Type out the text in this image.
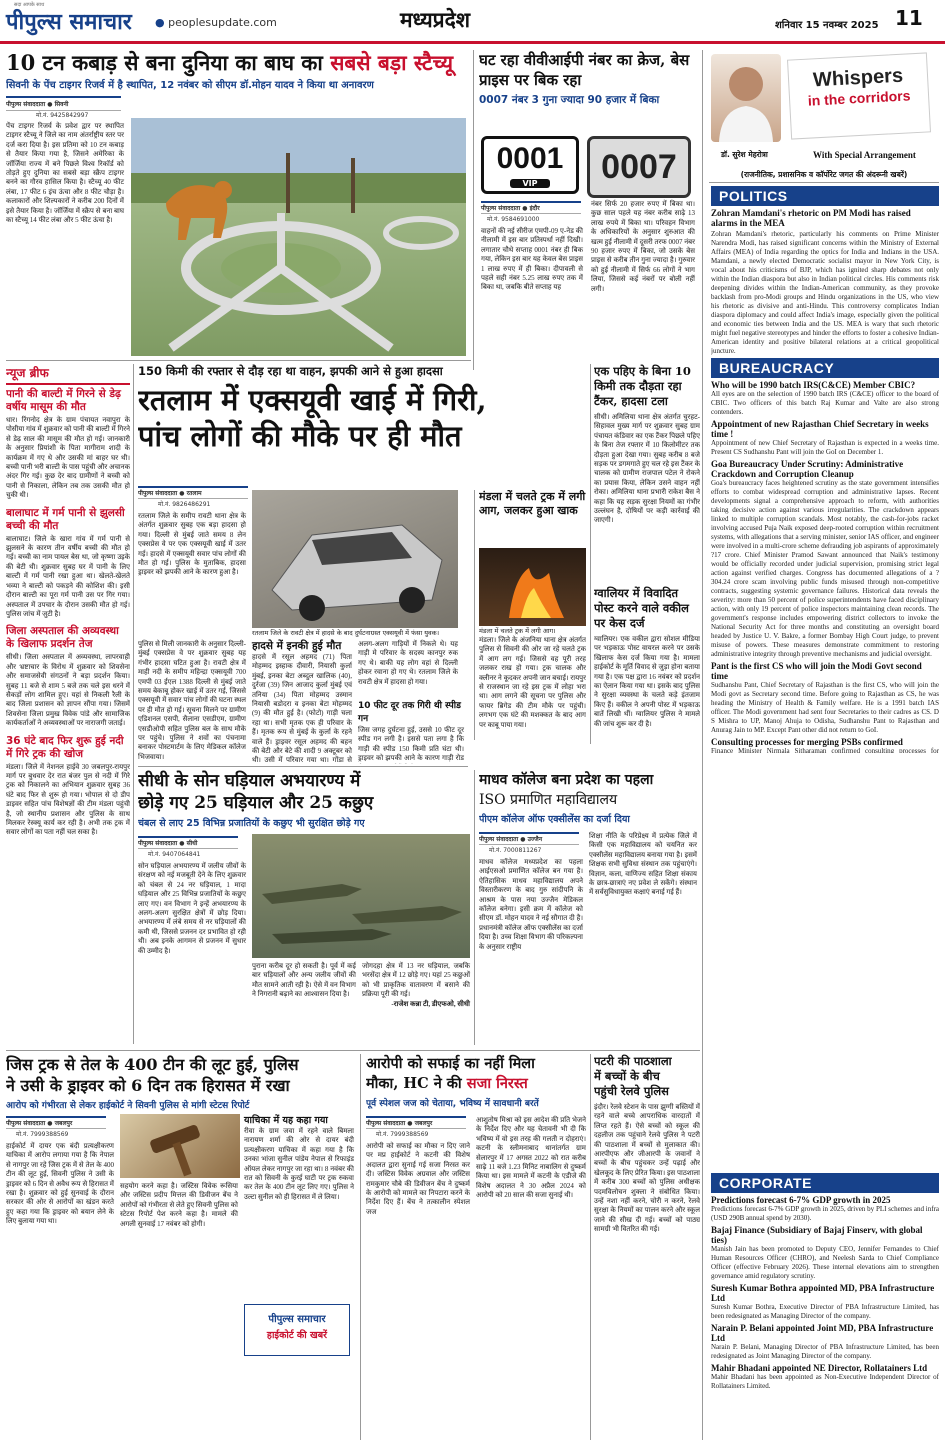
पीपुल्स समाचार
सदा आपके साथ
● peoplesupdate.com	मध्यप्रदेश	शनिवार 15 नवम्बर 2025 11
10 टन कबाड़ से बना दुनिया का बाघ का सबसे बड़ा स्टैच्यू
सिवनी के पेंच टाइगर रिजर्व में है स्थापित, 12 नवंबर को सीएम डॉ.मोहन यादव ने किया था अनावरण
पीपुल्स संवाददाता ● सिवनी
मो.नं. 9425842997
पेंच टाइगर रिजर्व के प्रवेश द्वार पर स्थापित टाइगर स्टैच्यू ने जिले का नाम अंतर्राष्ट्रीय स्तर पर दर्ज करा दिया है। इस प्रतिमा को 10 टन कबाड़ से तैयार किया गया है, जिसने अमेरिका के जॉर्जिया राज्य में बने पिछले विश्व रिकॉर्ड को तोड़ते हुए दुनिया का सबसे बड़ा स्क्रैप टाइगर बनने का गौरव हासिल किया है। स्टैच्यू 40 फीट लंबा, 17 फीट 6 इंच ऊंचा और 8 फीट चौड़ा है। कलाकारों और शिल्पकारों ने करीब 200 दिनों में इसे तैयार किया है। जॉर्जिया में स्क्रैप से बना बाघ का स्टैच्यू 14 फीट लंबा और 5 फीट ऊंचा है।
घट रहा वीवीआईपी नंबर का क्रेज, बेस प्राइस पर बिक रहा
0007 नंबर 3 गुना ज्यादा 90 हजार में बिका
0001
VIP	0007
पीपुल्स संवाददाता ● इंदौर
मो.नं. 9584691000
वाहनों की नई सीरीज एमपी-09 ए-नेड की नीलामी में इस बार प्रतिस्पर्धा नहीं दिखी। लगातार चौथे सप्ताह 0001 नंबर ही बिक गया, लेकिन इस बार यह केवल बेस प्राइस 1 लाख रुपए में ही बिका। दीपावली से पहले सही नंबर 5.25 लाख रुपए तक में बिका था, जबकि बीते सप्ताह यह
नंबर सिर्फ 20 हजार रुपए में बिका था। कुछ साल पहले यह नंबर करीब साढ़े 13 लाख रुपये में बिका था। परिवहन विभाग के अधिकारियों के अनुसार शुरुआत की खत्म हुई नीलामी में दूसरी तरफ 0007 नंबर 90 हजार रुपए में बिका, जो उसके बेस प्राइस से करीब तीन गुना ज्यादा है। गुरुवार को हुई नीलामी में सिर्फ 66 लोगों ने भाग लिया, जिससे कई नंबरों पर बोली नहीं लगी।
Whispers
in the corridors
डॉ. सुरेश मेहरोत्रा	With Special Arrangement
(राजनीतिक, प्रशासनिक व कॉर्पोरेट जगत की अंदरूनी खबरें)
POLITICS
Zohran Mamdani's rhetoric on PM Modi has raised alarms in the MEA
Zohran Mamdani's rhetoric, particularly his comments on Prime Minister Narendra Modi, has raised significant concerns within the Ministry of External Affairs (MEA) of India regarding the optics for India and Indians in the USA. Mamdani, a newly elected Democratic socialist mayor in New York City, is vocal about his criticisms of BJP, which has ignited sharp debates not only within the Indian diaspora but also in Indian political circles. His comments risk deepening divides within the Indian-American community, as they provoke backlash from pro-Modi groups and Hindu organizations in the US, who view his rhetoric as divisive and anti-Hindu. This controversy complicates Indian diaspora diplomacy and could affect India's image, especially given the political and economic ties between India and the US. MEA is wary that such rhetoric might fuel negative stereotypes and hinder the efforts to foster a cohesive Indian-American identity and positive bilateral relations at a critical geopolitical juncture.
BUREAUCRACY
Who will be 1990 batch IRS(C&CE) Member CBIC?
All eyes are on the selection of 1990 batch IRS (C&CE) officer to the board of CBIC. Two officers of this batch Raj Kumar and Valte are also strong contenders.
Appointment of new Rajasthan Chief Secretary in weeks time !
Appointment of new Chief Secretary of Rajasthan is expected in a weeks time. Present CS Sudhanshu Pant will join the GoI on December 1.
Goa Bureaucracy Under Scrutiny: Administrative Crackdown and Corruption Cleanup
Goa's bureaucracy faces heightened scrutiny as the state government intensifies efforts to combat widespread corruption and administrative lapses. Recent developments signal a comprehensive approach to reform, with authorities taking decisive action against various irregularities. The crackdown appears linked to multiple corruption scandals. Most notably, the cash-for-jobs racket involving accused Puja Naik exposed deep-rooted corruption within recruitment systems, with allegations that a serving minister, senior IAS officer, and engineer were involved in a multi-crore scheme defrauding job aspirants of approximately ?17 crore. Chief Minister Pramod Sawant announced that Naik's testimony would be officially recorded under judicial supervision, promising strict legal action against verified charges. Congress has documented allegations of a ?304.24 crore scam involving public funds misused through non-competitive contracts, suggesting systemic governance failures. Historical data reveals the severity: more than 50 percent of police superintendents have faced disciplinary action, with only 19 percent of police inspectors maintaining clean records. The government's response includes empowering district collectors to invoke the National Security Act for three months and constituting an oversight board headed by Justice U. V. Bakre, a former Bombay High Court judge, to prevent misuse of powers. These measures demonstrate commitment to restoring administrative integrity through preventive mechanisms and judicial oversight.
Pant is the first CS who will join the Modi Govt second time
Sudhanshu Pant, Chief Secretary of Rajasthan is the first CS, who will join the Modi govt as Secretary second time. Before going to Rajasthan as CS, he was heading the Ministry of Health & Family welfare. He is a 1991 batch IAS officer. The Modi government had sent four Secretaries to their cadres as CS. D S Mishra to UP, Manoj Ahuja to Odisha, Sudhanshu Pant to Rajasthan and Anurag Jain to MP. Except Pant other did not return to GoI.
Consulting processes for merging PSBs confirmed
Finance Minister Nirmala Sitharaman confirmed consulting processes for
CORPORATE
Predictions forecast 6-7% GDP growth in 2025
Predictions forecast 6-7% GDP growth in 2025, driven by PLI schemes and infra (USD 290B annual spend by 2030).
Bajaj Finance (Subsidiary of Bajaj Finserv, with global ties)
Manish Jain has been promoted to Deputy CEO, Jennifer Fernandes to Chief Human Resources Officer (CHRO), and Neelesh Sarda to Chief Compliance Officer (effective February 2026). These internal elevations aim to strengthen governance amid regulatory scrutiny.
Suresh Kumar Bothra appointed MD, PBA Infrastructure Ltd
Suresh Kumar Bothra, Executive Director of PBA Infrastructure Limited, has been redesignated as Managing Director of the company.
Narain P. Belani appointed Joint MD, PBA Infrastructure Ltd
Narain P. Belani, Managing Director of PBA Infrastructure Limited, has been redesignated as Joint Managing Director of the company.
Mahir Bhadani appointed NE Director, Rollatainers Ltd
Mahir Bhadani has been appointed as Non-Executive Independent Director of Rollatainers Limited.
न्यूज ब्रीफ
पानी की बाल्टी में गिरने से डेढ़ वर्षीय मासूम की मौत
धार। रिंगनोद क्षेत्र के ग्राम पंचायत नवापुरा के पोसीया गांव में शुक्रवार को पानी की बाल्टी में गिरने से डेढ़ साल की मासूम की मौत हो गई। जानकारी के अनुसार प्रियांशी के पिता मागीराम शादी के कार्यक्रम में गए थे और उसकी मां बाहर घर थी। बच्ची पानी भरी बाल्टी के पास पहुंची और अचानक अंदर गिर गई। कुछ देर बाद ग्रामीणों ने बच्ची को पानी से निकाला, लेकिन तब तक उसकी मौत हो चुकी थी।
बालाघाट में गर्म पानी से झुलसी बच्ची की मौत
बालाघाट। जिले के खारा गांव में गर्म पानी से झुलसने के कारण तीन वर्षीय बच्ची की मौत हो गई। बच्ची का नाम पायल बेस था, जो कृष्णा उइके की बेटी थी। शुक्रवार सुबह घर में पानी के लिए बाल्टी में गर्म पानी रखा हुआ था। खेलते-खेलते भव्या ने बाल्टी को पकड़ने की कोशिश की। इसी दौरान बाल्टी का पूरा गर्म पानी उस पर गिर गया। अस्पताल में उपचार के दौरान उसकी मौत हो गई। पुलिस जांच में जुटी है।
जिला अस्पताल की अव्यवस्था के खिलाफ प्रदर्शन तेज
सीधी। जिला अस्पताल में अव्यवस्था, लापरवाही और भ्रष्टाचार के विरोध में शुक्रवार को शिवसेना और समाजसेवी संगठनों ने बड़ा प्रदर्शन किया। सुबह 11 बजे से शाम 5 बजे तक चले इस धरने में सैकड़ों लोग शामिल हुए। यहां से निकली रैली के बाद जिला प्रशासन को ज्ञापन सौंपा गया। जिसमें शिवसेना जिला प्रमुख विवेक पांडे और सामाजिक कार्यकर्ताओं ने अव्यवस्थाओं पर नाराजगी जताई।
36 घंटे बाद फिर शुरू हुई नदी में गिरे ट्रक की खोज
मंडला। जिले में नेशनल हाईवे 30 जबलपुर-रायपुर मार्ग पर बुधवार देर रात बंजर पुल से नदी में गिरे ट्रक को निकालने का अभियान शुक्रवार सुबह 36 घंटे बाद फिर से शुरू हो गया। भोपाल से दो डीप डाइवर सहित पांच विशेषज्ञों की टीम मंडला पहुंची है, जो स्थानीय प्रशासन और पुलिस के साथ मिलकर रेस्क्यू कार्य कर रही है। अभी तक ट्रक में सवार लोगों का पता नहीं चल सका है।
150 किमी की रफ्तार से दौड़ रहा था वाहन, झपकी आने से हुआ हादसा
रतलाम में एक्सयूवी खाई में गिरी,
पांच लोगों की मौके पर ही मौत
पीपुल्स संवाददाता ● रतलाम
मो.नं. 9826486291
रतलाम जिले के समीप रावटी थाना क्षेत्र के अंतर्गत शुक्रवार सुबह एक बड़ा हादसा हो गया। दिल्ली से मुंबई जाते समय 8 लेन एक्सप्रेस वे पर एक एक्सयूवी खाई में उतर गई। हादसे में एक्सयूवी सवार पांच लोगों की मौत हो गई। पुलिस के मुताबिक, हादसा ड्राइवर को झपकी आने के कारण हुआ है।
पुलिस से मिली जानकारी के अनुसार दिल्ली-मुंबई एक्सप्रेस वे पर शुक्रवार सुबह यह गंभीर हादसा घटित हुआ है। रावटी क्षेत्र में माही नदी के समीप महिन्द्रा एक्सयूवी 700 एमपी 03 ईएल 1388 दिल्ली से मुंबई जाते समय बेकाबू होकर खाई में उतर गई, जिससे एक्सयूवी में सवार पांच लोगों की घटना स्थल पर ही मौत हो गई। सूचना मिलने पर ग्रामीण एडिशनल एसपी, सैलाना एसडीएम, ग्रामीण एसडीओपी सहित पुलिस बल के साथ मौके पर पहुंचे। पुलिस ने शवों का पंचनामा बनाकर पोस्टमार्टम के लिए मेडिकल कॉलेज भिजवाया।
रतलाम जिले के रावटी क्षेत्र में हादसे के बाद दुर्घटनाग्रस्त एक्सयूवी में फंसा युवक।
हादसे में इनकी हुई मौत
हादसे में रसूल अहमद (71) पिता मोहम्मद इस्हाक दीवारी, नियासी कुर्ला मुंबई, इनका बेटा अब्दुल खालिक (40), दुर्रजा (39) जिन आजाद कुर्ला मुंबई एवं तनिया (34) पिता मोहम्मद उस्मान नियासी बडोदरा व इनका बेटा मोहम्मद (9) की मौत हुई है। (फोटो) गाड़ी चला रहा था। सभी मृतक एक ही परिवार के हैं। मृतक रूप से मुंबई के कुर्ला के रहने वाले हैं। ड्राइवर रसूल अहमद की बहन की बेटी और बेटे की शादी 9 अक्टूबर को थी। उसी में परिवार गया था। गोंडा से
अलग-अलग गाड़ियों में निकले थे। यह गाड़ी मे परिवार के सदस्य कानपुर रुक गए थे। बाकी यह लोग वहां से दिल्ली होकर रवाना हो गए थे। रतलाम जिले के रावटी क्षेत्र में हादसा हो गया।
10 फीट दूर तक गिरी थी स्पीड गन
जिस जगह दुर्घटना हुई, उससे 10 फीट दूर स्पीड गन लगी है। इससे पता लगा है कि गाड़ी की स्पीड 150 किमी प्रति घंटा थी। ड्राइवर को झपकी आने के कारण गाड़ी रोड
मंडला में चलते ट्रक में लगी आग, जलकर हुआ खाक
मंडला में चलते ट्रक में लगी आग।
मंडला। जिले के अंजनिया थाना क्षेत्र अंतर्गत पुलिस से सिवनी की ओर जा रहे चलते ट्रक में आग लग गई। जिससे वह पूरी तरह जलकर राख हो गया। ट्रक चालक और क्लीनर ने कूदकर अपनी जान बचाई। रायपुर से राजस्थान जा रहे इस ट्रक में लोहा भरा था। आग लगने की सूचना पर पुलिस और फायर ब्रिगेड की टीम मौके पर पहुंची। लगभग एक घंटे की मशक्कत के बाद आग पर काबू पाया गया।
एक पहिए के बिना 10 किमी तक दौड़ता रहा टैंकर, हादसा टला
सीधी। अमिलिया थाना क्षेत्र अंतर्गत चुरहट-सिहावल मुख्य मार्ग पर शुक्रवार सुबह ग्राम पंचायत कंडिवार का एक टैंकर पिछले पहिए के बिना तेज रफ्तार में 10 किलोमीटर तक दौड़ता हुआ देखा गया। सुबह करीब 8 बजे सड़क पर डगमगाते हुए चल रहे इस टैंकर के चालक को ग्रामीण राजपाल पटेल ने रोकने का प्रयास किया, लेकिन उसने वाहन नहीं रोका। अमिलिया थाना प्रभारी राकेश बैस ने कहा कि यह सड़क सुरक्षा नियमों का गंभीर उल्लंघन है, दोषियों पर कड़ी कार्रवाई की जाएगी।
ग्वालियर में विवादित पोस्ट करने वाले वकील पर केस दर्ज
ग्वालियर। एक वकील द्वारा सोशल मीडिया पर भड़काऊ पोस्ट वायरल करने पर उसके खिलाफ केस दर्ज किया गया है। मामला हाईकोर्ट के मूर्ति विवाद से जुड़ा होना बताया गया है। एक पक्ष द्वारा 16 नवंबर को प्रदर्शन का ऐलान किया गया था। इसके बाद पुलिस ने सुरक्षा व्यवस्था के चलते कड़े इंतजाम किए हैं। वकील ने अपनी पोस्ट में भड़काऊ बातें लिखी थीं। ग्वालियर पुलिस ने मामले की जांच शुरू कर दी है।
सीधी के सोन घड़ियाल अभयारण्य में
छोड़े गए 25 घड़ियाल और 25 कछुए
चंबल से लाए 25 विभिन्न प्रजातियों के कछुए भी सुरक्षित छोड़े गए
पीपुल्स संवाददाता ● सीधी
मो.नं. 9407064841
सोन घड़ियाल अभयारण्य में जलीय जीवों के संरक्षण को नई मजबूती देने के लिए शुक्रवार को चंबल से 24 नर घड़ियाल, 1 मादा घड़ियाल और 25 विभिन्न प्रजातियों के कछुए लाए गए। वन विभाग ने इन्हें अभयारण्य के अलग-अलग सुरक्षित क्षेत्रों में छोड़ दिया। अभयारण्य में लंबे समय से नर घड़ियालों की कमी थी, जिससे प्रजनन दर प्रभावित हो रही थी। अब इनके आगमन से प्रजनन में सुधार की उम्मीद है।
पुराना करीब दूर हो सकती है। पूर्व में कई बार घड़ियालों और अन्य जलीय जीवों की मौत सामने आती रही है। ऐसे में वन विभाग ने निगरानी बढ़ाने का आश्वासन दिया है।
जोगदहा क्षेत्र में 13 नर घड़ियाल, जबकि भरसेंदा क्षेत्र में 12 छोड़े गए। यहां 25 कछुओं को भी प्राकृतिक वातावरण में बसाने की प्रक्रिया पूरी की गई।
-राजेश कन्ना टी, डीएफओ, सीधी
माधव कॉलेज बना प्रदेश का पहला
ISO प्रमाणित महाविद्यालय
पीएम कॉलेज ऑफ एक्सीलेंस का दर्जा दिया
पीपुल्स संवाददाता ● उज्जैन
मो.नं. 7000811267
माधव कॉलेज मध्यप्रदेश का पहला आईएसओ प्रमाणित कॉलेज बन गया है। ऐतिहासिक माधव महाविद्यालय अपने विस्तारीकरण के बाद गुरु सांदीपनि के आश्रम के पास नया उज्जैन मेडिकल कॉलेज बनेगा। इसी क्रम में कॉलेज को सीएम डॉ. मोहन यादव ने नई सौगात दी है। प्रधानमंत्री कॉलेज ऑफ एक्सीलेंस का दर्जा दिया है। उच्च शिक्षा विभाग की परिकल्पना के अनुसार राष्ट्रीय
शिक्षा नीति के परिप्रेक्ष्य में प्रत्येक जिले में किसी एक महाविद्यालय को चयनित कर एक्सीलेंस महाविद्यालय बनाया गया है। इसमें शिक्षक सभी सुविधा संस्थान तक पहुंचाएंगे। विज्ञान, कला, वाणिज्य सहित शिक्षा संकाय के छात्र-छात्राएं नए प्रवेश ले सकेंगे। संस्थान में सर्वसुविधायुक्त कक्षाएं बनाई गई हैं।
जिस ट्रक से तेल के 400 टीन की लूट हुई, पुलिस
ने उसी के ड्राइवर को 6 दिन तक हिरासत में रखा
आरोप को गंभीरता से लेकर हाईकोर्ट ने सिवनी पुलिस से मांगी स्टेटस रिपोर्ट
पीपुल्स संवाददाता ● जबलपुर
मो.नं. 7999388569
हाईकोर्ट में दायर एक बंदी प्रत्यक्षीकरण याचिका में आरोप लगाया गया है कि नेपाल से नागपुर जा रहे जिस ट्रक में से तेल के 400 टीन की लूट हुई, सिवनी पुलिस ने उसी के ड्राइवर को 6 दिन से अवैध रूप से हिरासत में रखा है। शुक्रवार को हुई सुनवाई के दौरान सरकार की ओर से आरोपों का खंडन करते हुए कहा गया कि ड्राइवर को बयान लेने के लिए बुलाया गया था।
याचिका में यह कहा गया
रीवा के ग्राम जवा में रहने वाले बिमला नारायण शर्मा की ओर से दायर बंदी प्रत्यक्षीकरण याचिका में कहा गया है कि उनका भांजा सुनील पांडेय नेपाल से रिफाइंड ऑयल लेकर नागपुर जा रहा था। 8 नवंबर की रात को सिवनी के कुरई घाटी पर ट्रक रुकवा कर तेल के 400 टीन लूट लिए गए। पुलिस ने उल्टा सुनील को ही हिरासत में ले लिया।
सहयोग करने कहा है। जस्टिस विवेक रूसिया और जस्टिस प्रदीप मित्तल की डिवीजन बेंच ने आरोपों को गंभीरता से लेते हुए सिवनी पुलिस को स्टेटस रिपोर्ट पेश करने कहा है। मामले की अगली सुनवाई 17 नवंबर को होगी।
पीपुल्स समाचार
हाईकोर्ट की खबरें
आरोपी को सफाई का नहीं मिला
मौका, HC ने की सजा निरस्त
पूर्व स्पेशल जज को चेताया, भविष्य में सावधानी बरतें
पीपुल्स संवाददाता ● जबलपुर
मो.नं. 7999388569
आरोपी को सफाई का मौका न दिए जाने पर मप्र हाईकोर्ट ने कटनी की विशेष अदालत द्वारा सुनाई गई सजा निरस्त कर दी। जस्टिस विवेक अग्रवाल और जस्टिस रामकुमार चौबे की डिवीजन बेंच ने दुष्कर्म के आरोपी को मामले का निपटारा करने के निर्देश दिए हैं। बेंच ने तत्कालीन स्पेशल जज
आशुतोष मिश्रा को इस आदेश की प्रति भेजने के निर्देश दिए और यह चेतावनी भी दी कि भविष्य में वो इस तरह की गलती न दोहराएं। कटनी के स्लीमनाबाद थानांतर्गत ग्राम सेलारपुर में 17 अगस्त 2022 को रात करीब साढ़े 11 बजे 1.23 मिनिट नाबालिग से दुष्कर्म किया था। इस मामले में कटनी के एडीजे की विशेष अदालत ने 30 अप्रैल 2024 को आरोपी को 20 साल की सजा सुनाई थी।
पटरी की पाठशाला
में बच्चों के बीच
पहुंची रेलवे पुलिस
इंदौर। रेलवे स्टेशन के पास झुग्गी बस्तियों में रहने वाले बच्चे आपराधिक वारदातों में लिप्त रहते हैं। ऐसे बच्चों को स्कूल की दहलीज तक पहुंचाने रेलवे पुलिस ने पटरी की पाठशाला में बच्चों से मुलाकात की। आरपीएफ और जीआरपी के जवानों ने बच्चों के बीच पहुंचकर उन्हें पढ़ाई और खेलकूद के लिए प्रेरित किया। इस पाठशाला में करीब 300 बच्चों को पुलिस अधीक्षक पदमविलोचन शुक्ला ने संबोधित किया। उन्हें नशा नहीं करने, चोरी न करने, रेलवे सुरक्षा के नियमों का पालन करने और स्कूल जाने की सीख दी गई। बच्चों को पाठ्य सामग्री भी वितरित की गई।
